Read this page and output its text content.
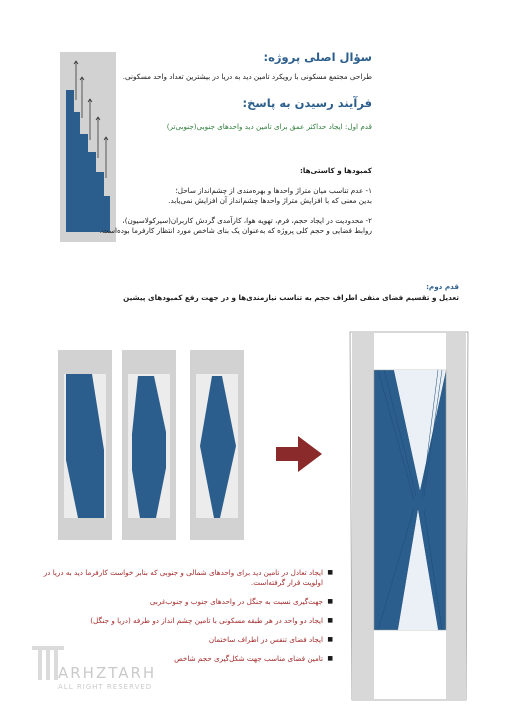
سؤال اصلی پروژه:
طراحی مجتمع مسکونی با رویکرد تامین دید به دریا در بیشترین تعداد واحد مسکونی.
فرآیند رسیدن به پاسخ:
قدم اول: ایجاد حداکثر عمق برای تامین دید واحدهای جنوبی(جنوبی‌تر)
کمبودها و کاستی‌ها:
۱- عدم تناسب میان متراژ واحدها و بهره‌مندی از چشم‌انداز ساحل؛
بدین معنی که با افزایش متراژ واحدها چشم‌انداز آن افزایش نمی‌یابد.
۲- محدودیت در ایجاد حجم، فرم، تهویه هوا، کارآمدی گردش کاربران(سیرکولاسیون)،
روابط فضایی و حجم کلی پروژه که به‌عنوان یک بنای شاخص مورد انتظار کارفرما بوده‌است.
قدم دوم:
تعدیل و تقسیم فضای منفی اطراف حجم به تناسب نیازمندی‌ها و در جهت رفع کمبودهای پیشین
■ ایجاد تعادل در تامین دید برای واحدهای شمالی و جنوبی که بنابر خواست کارفرما دید به دریا در اولویت قرار گرفته‌است.
■ جهت‌گیری نسبت به جنگل در واحدهای جنوب و جنوب‌غربی
■ ایجاد دو واحد در هر طبقه مسکونی با تامین چشم انداز دو طرفه (دریا و جنگل)
■ ایجاد فضای تنفس در اطراف ساختمان
■ تامین فضای مناسب جهت شکل‌گیری حجم شاخص
ARHZTARH
ALL RIGHT RESERVED
